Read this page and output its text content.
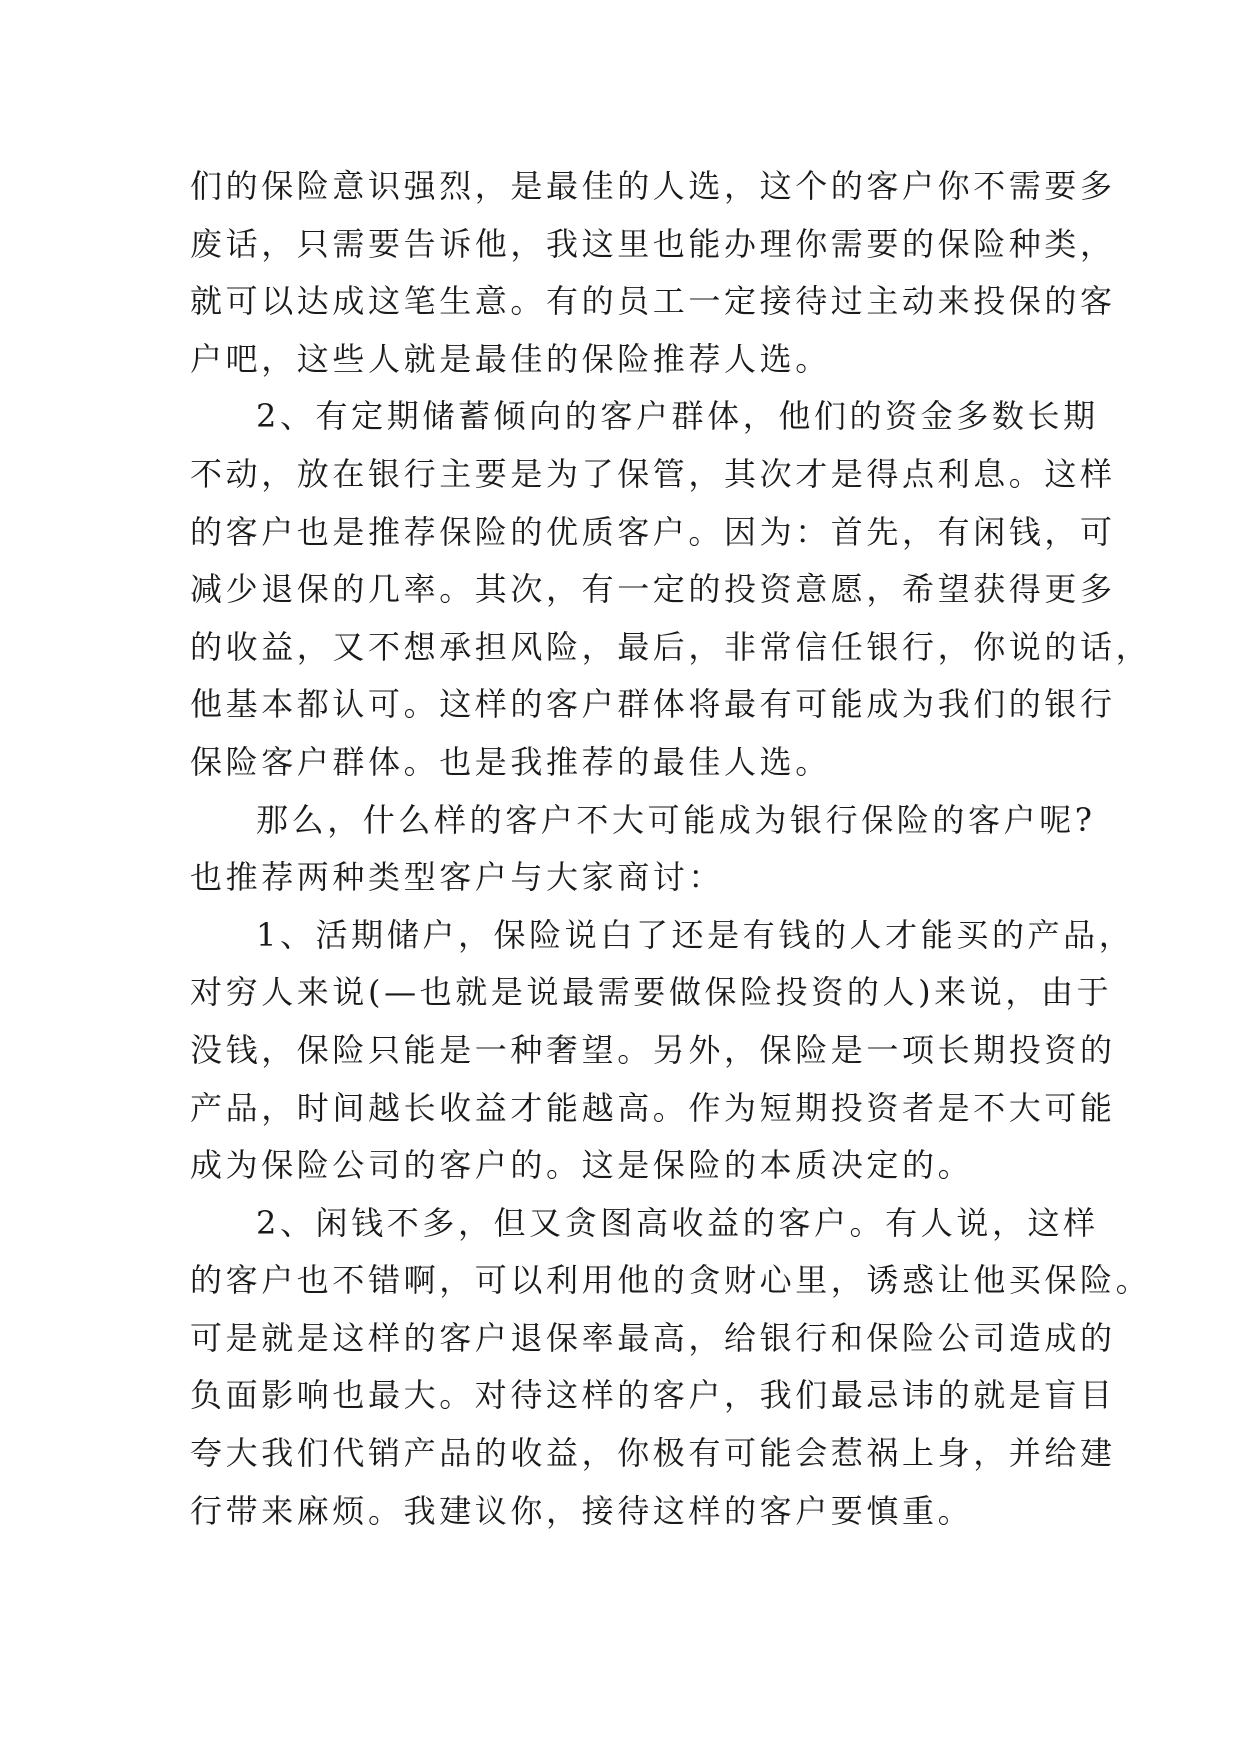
们的保险意识强烈，是最佳的人选，这个的客户你不需要多
废话，只需要告诉他，我这里也能办理你需要的保险种类，
就可以达成这笔生意。有的员工一定接待过主动来投保的客
户吧，这些人就是最佳的保险推荐人选。
2、有定期储蓄倾向的客户群体，他们的资金多数长期
不动，放在银行主要是为了保管，其次才是得点利息。这样
的客户也是推荐保险的优质客户。因为：首先，有闲钱，可
减少退保的几率。其次，有一定的投资意愿，希望获得更多
的收益，又不想承担风险，最后，非常信任银行，你说的话，
他基本都认可。这样的客户群体将最有可能成为我们的银行
保险客户群体。也是我推荐的最佳人选。
那么，什么样的客户不大可能成为银行保险的客户呢?
也推荐两种类型客户与大家商讨：
1、活期储户，保险说白了还是有钱的人才能买的产品，
对穷人来说(—也就是说最需要做保险投资的人)来说，由于
没钱，保险只能是一种奢望。另外，保险是一项长期投资的
产品，时间越长收益才能越高。作为短期投资者是不大可能
成为保险公司的客户的。这是保险的本质决定的。
2、闲钱不多，但又贪图高收益的客户。有人说，这样
的客户也不错啊，可以利用他的贪财心里，诱惑让他买保险。
可是就是这样的客户退保率最高，给银行和保险公司造成的
负面影响也最大。对待这样的客户，我们最忌讳的就是盲目
夸大我们代销产品的收益，你极有可能会惹祸上身，并给建
行带来麻烦。我建议你，接待这样的客户要慎重。
